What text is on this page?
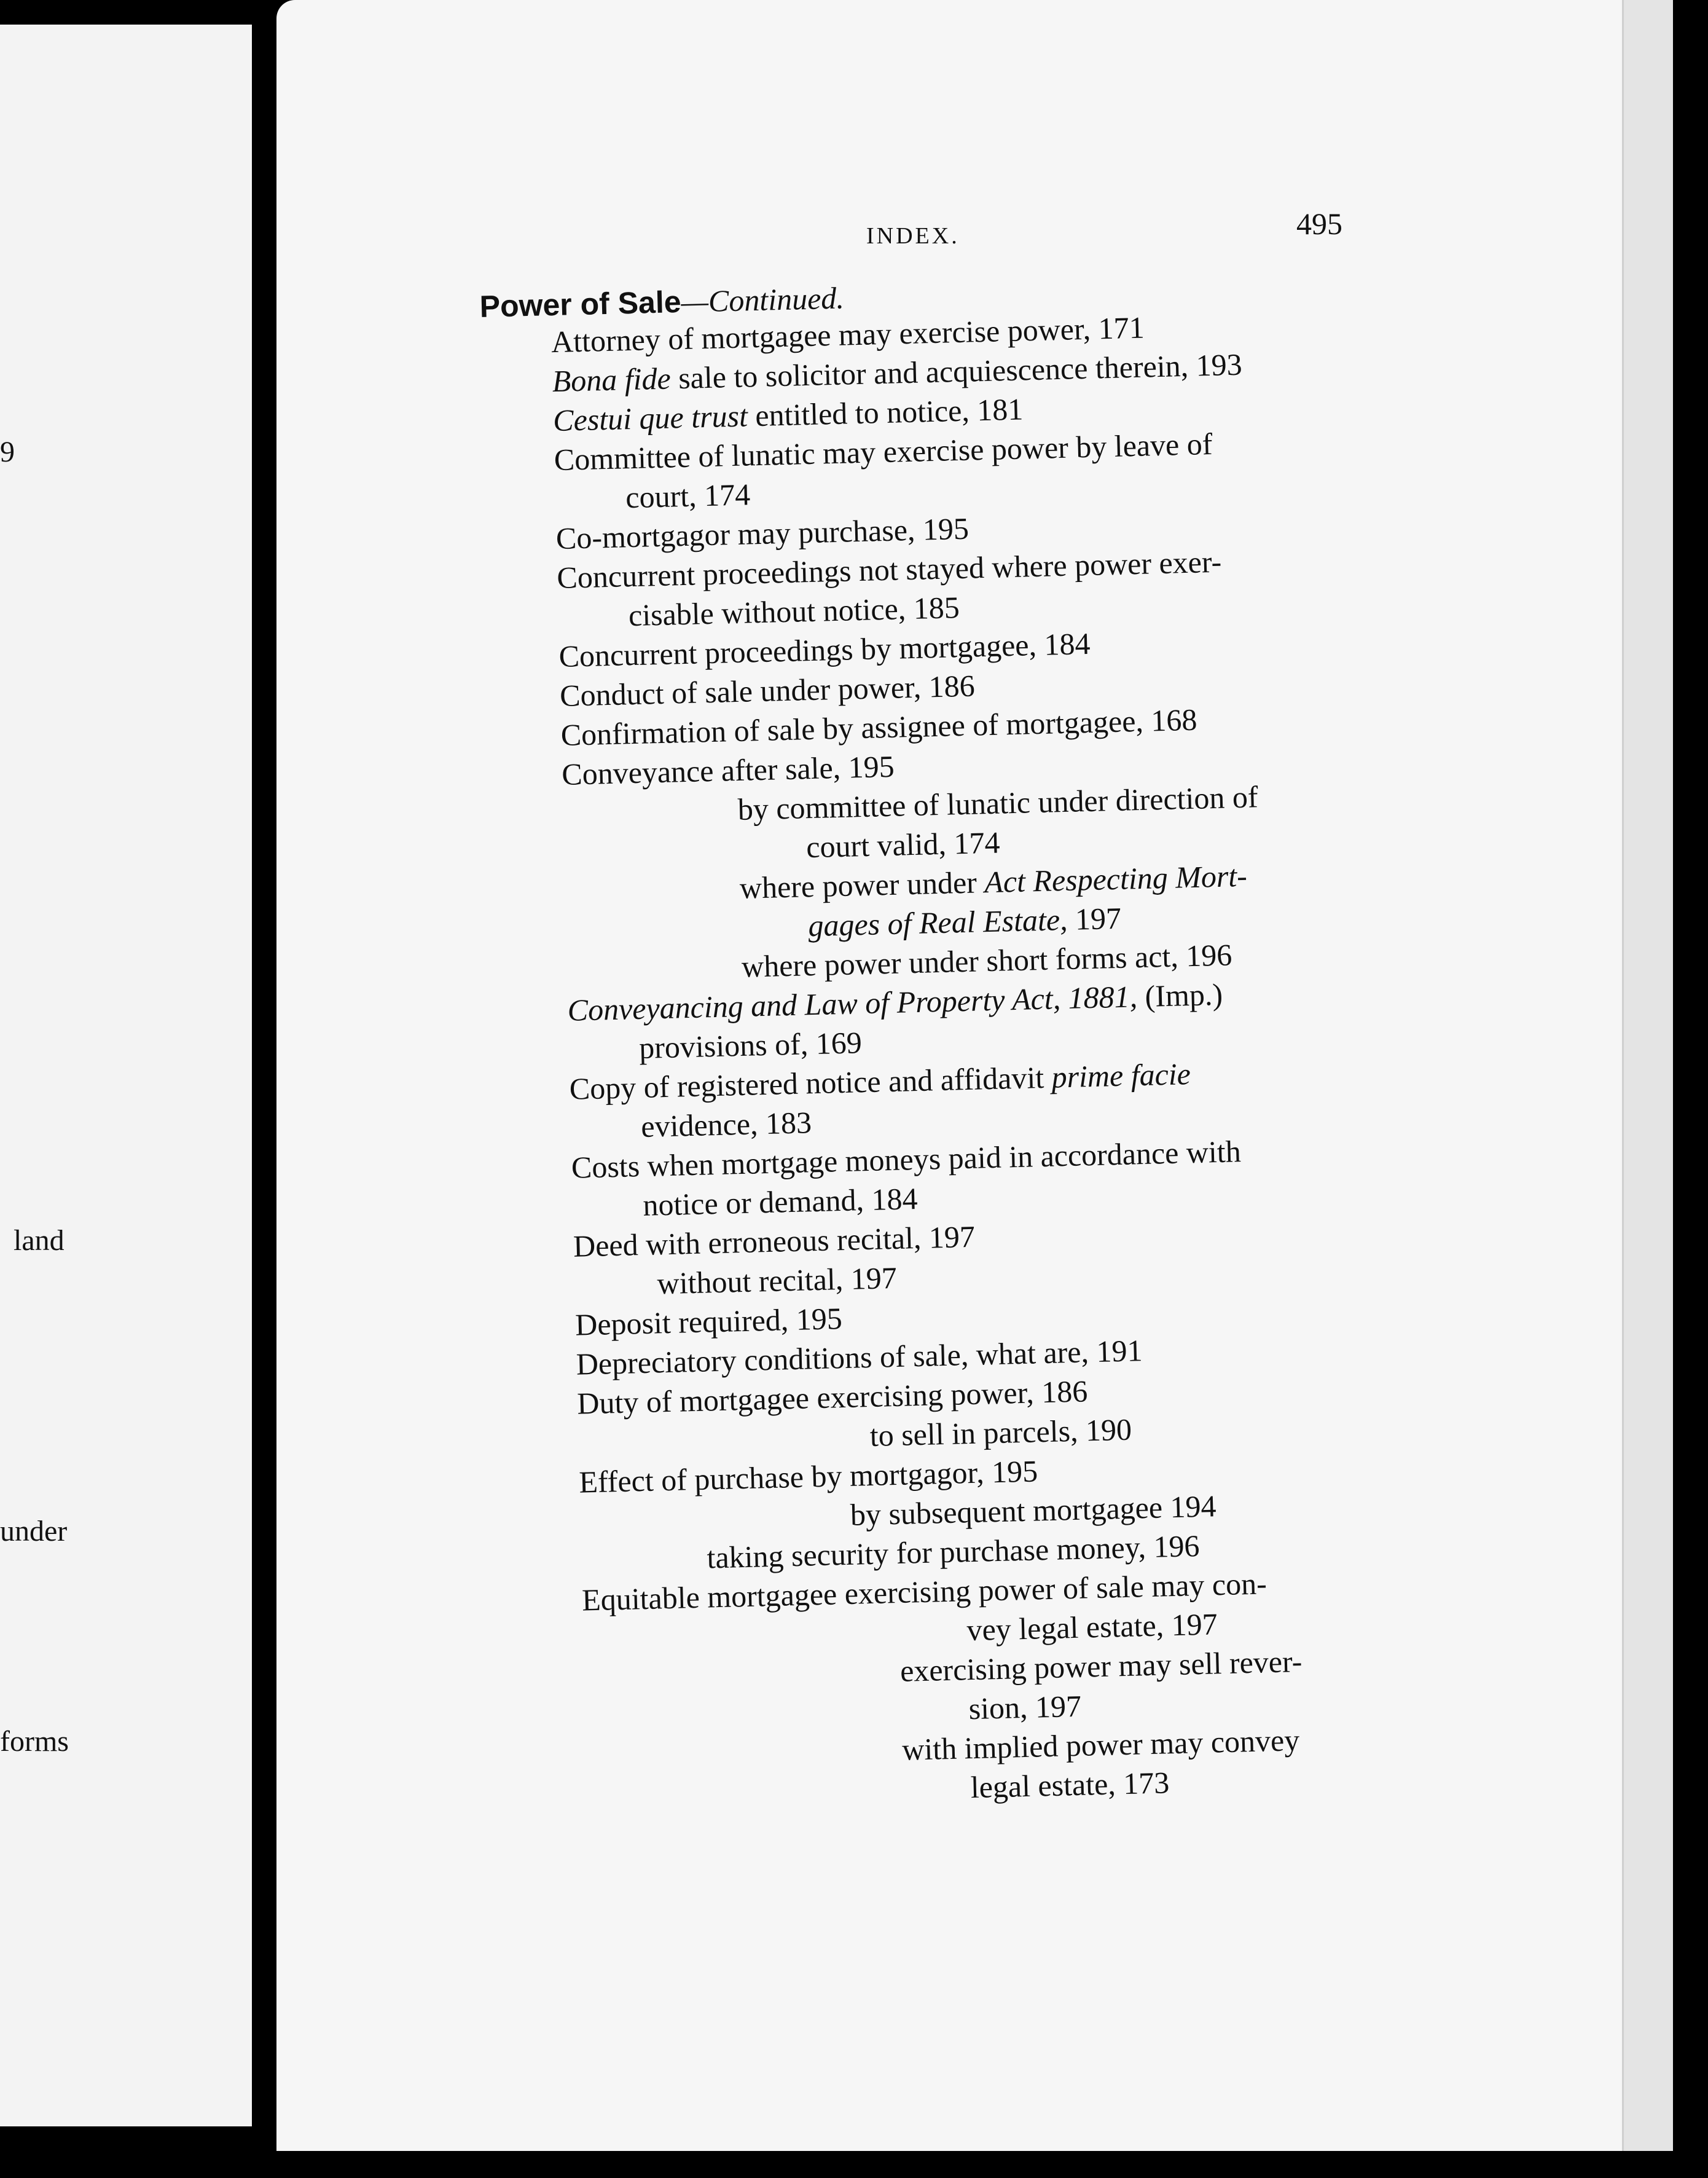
9
land
under
forms
INDEX.	495
Power of Sale—Continued.
Attorney of mortgagee may exercise power, 171
Bona fide sale to solicitor and acquiescence therein, 193
Cestui que trust entitled to notice, 181
Committee of lunatic may exercise power by leave of
court, 174
Co-mortgagor may purchase, 195
Concurrent proceedings not stayed where power exer-
cisable without notice, 185
Concurrent proceedings by mortgagee, 184
Conduct of sale under power, 186
Confirmation of sale by assignee of mortgagee, 168
Conveyance after sale, 195
by committee of lunatic under direction of
court valid, 174
where power under Act Respecting Mort-
gages of Real Estate, 197
where power under short forms act, 196
Conveyancing and Law of Property Act, 1881, (Imp.)
provisions of, 169
Copy of registered notice and affidavit prime facie
evidence, 183
Costs when mortgage moneys paid in accordance with
notice or demand, 184
Deed with erroneous recital, 197
without recital, 197
Deposit required, 195
Depreciatory conditions of sale, what are, 191
Duty of mortgagee exercising power, 186
to sell in parcels, 190
Effect of purchase by mortgagor, 195
by subsequent mortgagee 194
taking security for purchase money, 196
Equitable mortgagee exercising power of sale may con-
vey legal estate, 197
exercising power may sell rever-
sion, 197
with implied power may convey
legal estate, 173
